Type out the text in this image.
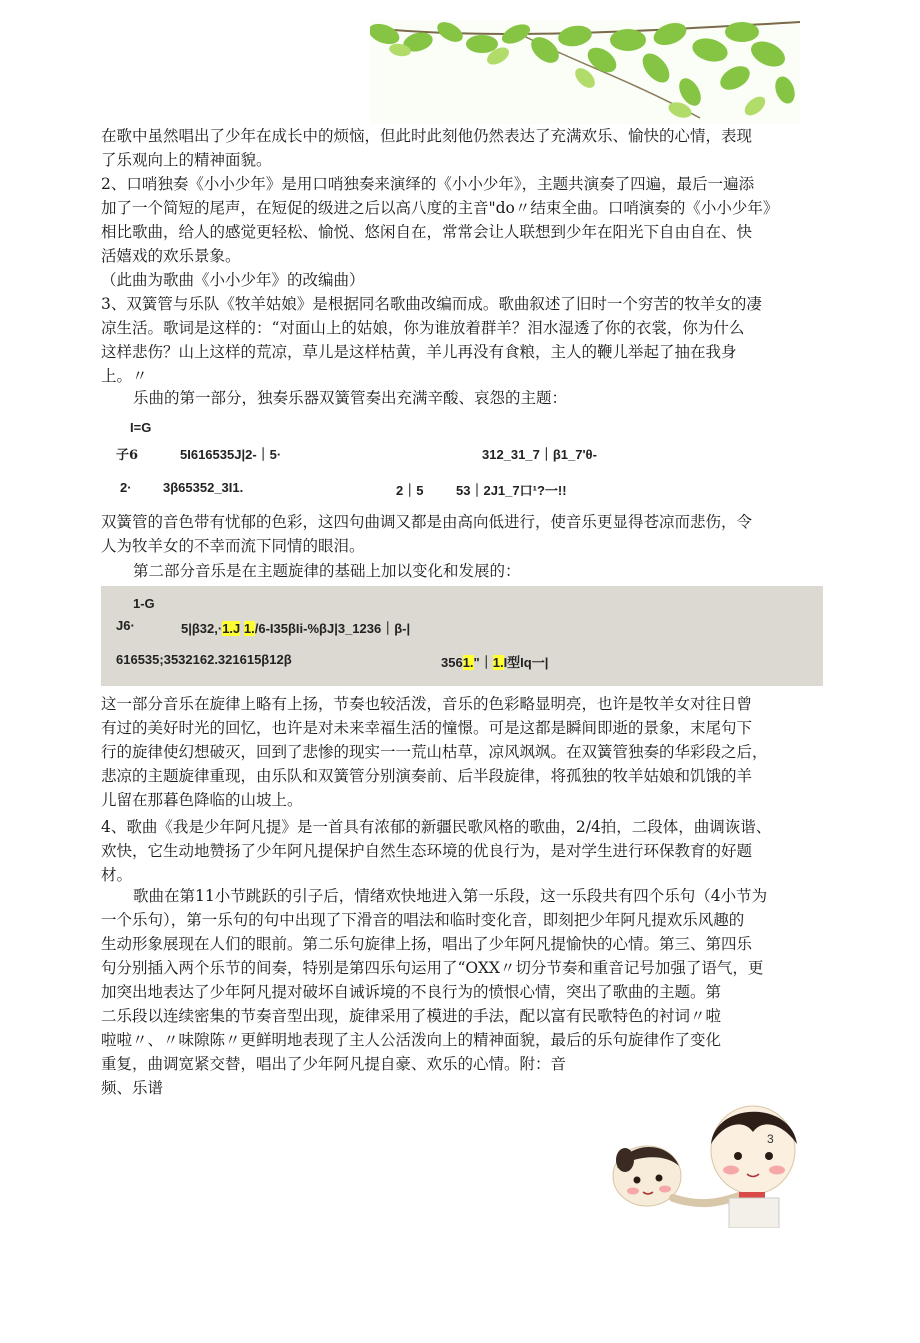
在歌中虽然唱出了少年在成长中的烦恼，但此时此刻他仍然表达了充满欢乐、愉快的心情，表现
了乐观向上的精神面貌。
2、口哨独奏《小小少年》是用口哨独奏来演绎的《小小少年》，主题共演奏了四遍，最后一遍添
加了一个简短的尾声，在短促的级进之后以高八度的主音"do〃结束全曲。口哨演奏的《小小少年》
相比歌曲，给人的感觉更轻松、愉悦、悠闲自在，常常会让人联想到少年在阳光下自由自在、快
活嬉戏的欢乐景象。
（此曲为歌曲《小小少年》的改编曲）
3、双簧管与乐队《牧羊姑娘》是根据同名歌曲改编而成。歌曲叙述了旧时一个穷苦的牧羊女的凄
凉生活。歌词是这样的：“对面山上的姑娘，你为谁放着群羊？泪水湿透了你的衣裳，你为什么
这样悲伤？山上这样的荒凉，草儿是这样枯黄，羊儿再没有食粮，主人的鞭儿举起了抽在我身
上。〃
乐曲的第一部分，独奏乐器双簧管奏出充满辛酸、哀怨的主题：
I=G
子6	5I616535J|2-｜5·	312_31_7｜β1_7'θ-
2· 3β65352_3I1.	2｜5	53｜2J1_7口¹?一!!
双簧管的音色带有忧郁的色彩，这四句曲调又都是由高向低进行，使音乐更显得苍凉而悲伤，令
人为牧羊女的不幸而流下同情的眼泪。
第二部分音乐是在主题旋律的基础上加以变化和发展的：
1-G
J6·	5|β32,·1.J 1./6-I35βIi-%βJ|3_1236｜β-|
616535;3532162.321615β12β	3561."｜1.I型Iq一|
这一部分音乐在旋律上略有上扬，节奏也较活泼，音乐的色彩略显明亮，也许是牧羊女对往日曾
有过的美好时光的回忆，也许是对未来幸福生活的憧憬。可是这都是瞬间即逝的景象，末尾句下
行的旋律使幻想破灭，回到了悲惨的现实一一荒山枯草，凉风飒飒。在双簧管独奏的华彩段之后，
悲凉的主题旋律重现，由乐队和双簧管分别演奏前、后半段旋律，将孤独的牧羊姑娘和饥饿的羊
儿留在那暮色降临的山坡上。
4、歌曲《我是少年阿凡提》是一首具有浓郁的新疆民歌风格的歌曲，2/4拍，二段体，曲调诙谐、
欢快，它生动地赞扬了少年阿凡提保护自然生态环境的优良行为，是对学生进行环保教育的好题
材。
歌曲在第11小节跳跃的引子后，情绪欢快地进入第一乐段，这一乐段共有四个乐句（4小节为
一个乐句），第一乐句的句中出现了下滑音的唱法和临时变化音，即刻把少年阿凡提欢乐风趣的
生动形象展现在人们的眼前。第二乐句旋律上扬，唱出了少年阿凡提愉快的心情。第三、第四乐
句分别插入两个乐节的间奏，特别是第四乐句运用了“OXX〃切分节奏和重音记号加强了语气，更
加突出地表达了少年阿凡提对破坏自诫诉境的不良行为的愤恨心情，突出了歌曲的主题。第
二乐段以连续密集的节奏音型出现，旋律采用了模进的手法，配以富有民歌特色的衬词〃啦
啦啦〃、〃味隙陈〃更鲜明地表现了主人公活泼向上的精神面貌，最后的乐句旋律作了变化
重复，曲调宽紧交替，唱出了少年阿凡提自豪、欢乐的心情。附：音
频、乐谱
3
